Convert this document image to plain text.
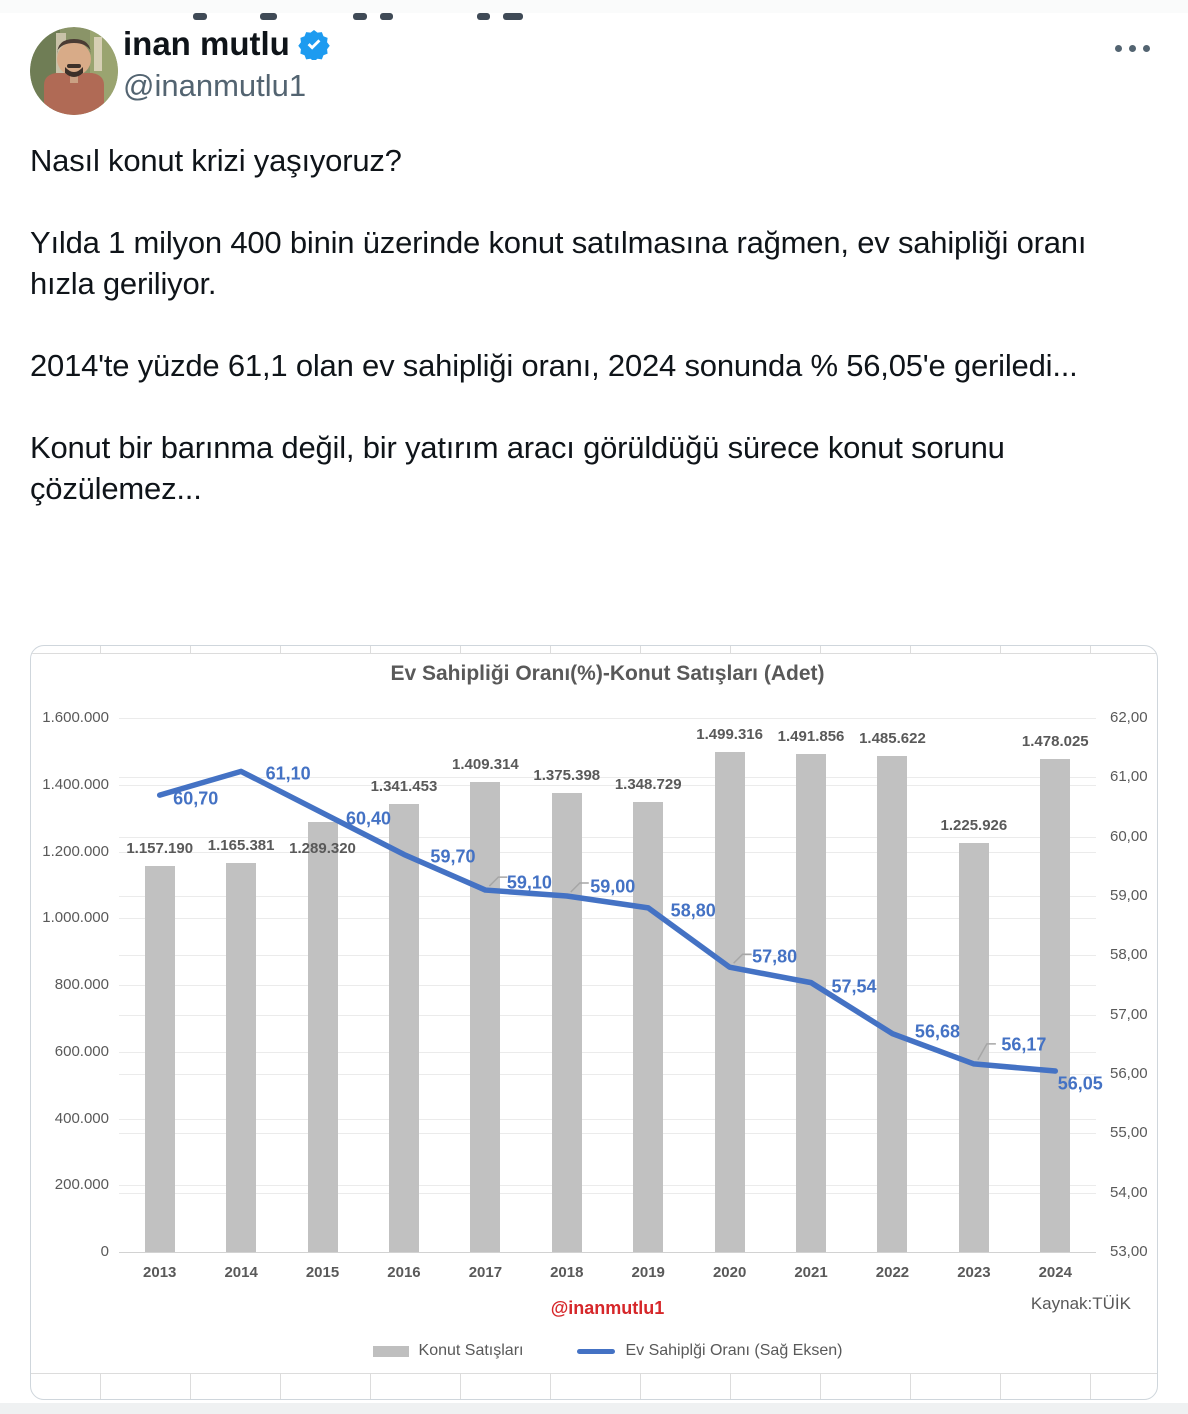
inan mutlu
@inanmutlu1

Nasıl konut krizi yaşıyoruz?

Yılda 1 milyon 400 binin üzerinde konut satılmasına rağmen, ev sahipliği oranı hızla geriliyor.

2014'te yüzde 61,1 olan ev sahipliği oranı, 2024 sonunda % 56,05'e geriledi...

Konut bir barınma değil, bir yatırım aracı görüldüğü sürece konut sorunu çözülemez...

Ev Sahipliği Oranı(%)-Konut Satışları (Adet)
1.600.000
1.400.000
1.200.000
1.000.000
800.000
600.000
400.000
200.000
0
62,00
61,00
60,00
59,00
58,00
57,00
56,00
55,00
54,00
53,00
1.157.190 1.165.381 1.289.320
1.341.453
1.409.314
1.375.398
1.348.729
1.499.316 1.491.856 1.485.622
1.225.926
1.478.025
2013	2014	2015	2016	2017	2018	2019	2020	2021	2022	2023	2024
60,70
61,10
60,40
59,70
59,10 59,00
58,80
57,80
57,54
56,68
56,17
56,05
@inanmutlu1	Kaynak:TÜİK
Konut Satışları	Ev Sahiplği Oranı (Sağ Eksen)
